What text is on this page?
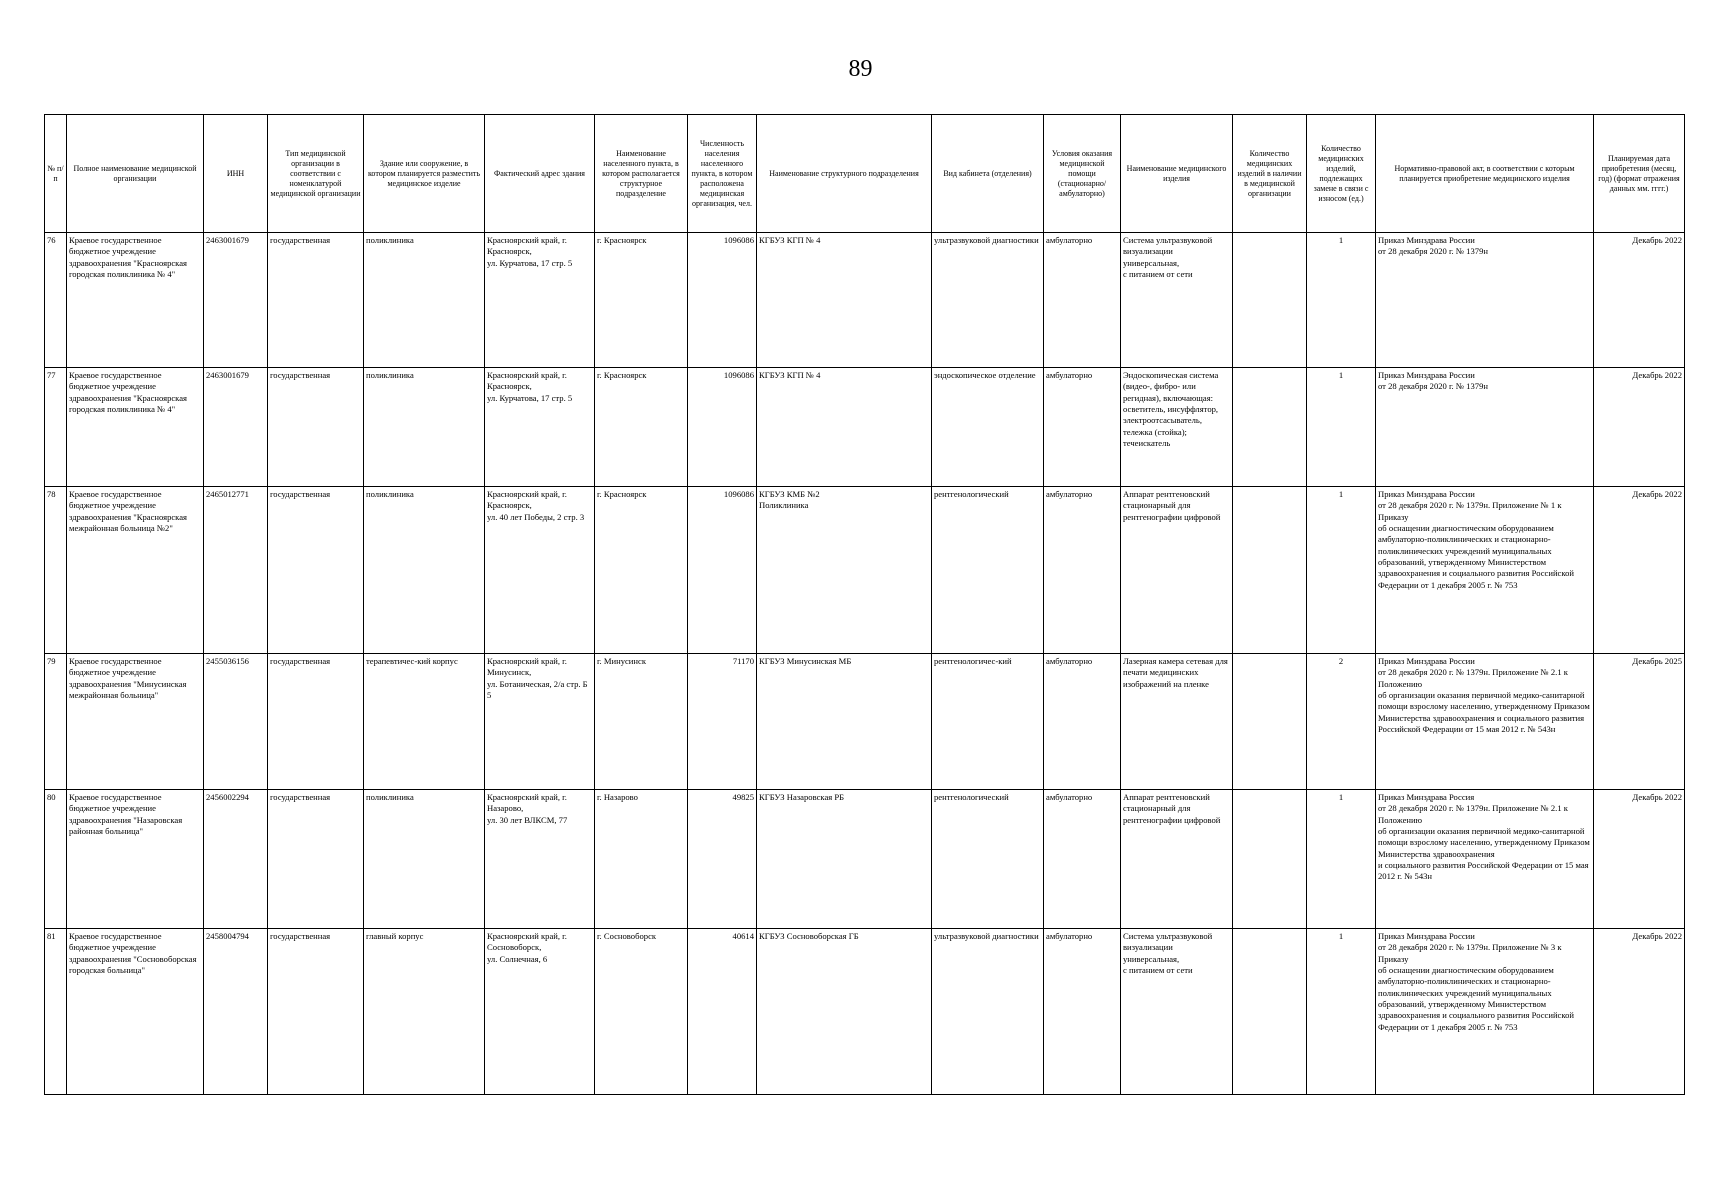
89
№ п/п	Полное наименование медицинской организации	ИНН	Тип медицинской организации в соответствии с номенклатурой медицинской организации	Здание или сооружение, в котором планируется разместить медицинское изделие	Фактический адрес здания	Наименование населенного пункта, в котором располагается структурное подразделение	Численность населения населенного пункта, в котором расположена медицинская организация, чел.	Наименование структурного подразделения	Вид кабинета (отделения)	Условия оказания медицинской помощи (стационарно/ амбулаторно)	Наименование медицинского изделия	Количество медицинских изделий в наличии в медицинской организации	Количество медицинских изделий, подлежащих замене в связи с износом (ед.)	Нормативно-правовой акт, в соответствии с которым планируется приобретение медицинского изделия	Планируемая дата приобретения (месяц, год) (формат отражения данных мм. гггг.)
76	Краевое государственное бюджетное учреждение здравоохранения "Красноярская городская поликлиника № 4"	2463001679	государственная	поликлиника	Красноярский край, г. Красноярск,
ул. Курчатова, 17 стр. 5	г. Красноярск	1096086	КГБУЗ КГП № 4	ультразвуковой диагностики	амбулаторно	Система ультразвуковой визуализации универсальная,
с питанием от сети		1	Приказ Минздрава России
от 28 декабря 2020 г. № 1379н	Декабрь 2022
77	Краевое государственное бюджетное учреждение здравоохранения "Красноярская городская поликлиника № 4"	2463001679	государственная	поликлиника	Красноярский край, г. Красноярск,
ул. Курчатова, 17 стр. 5	г. Красноярск	1096086	КГБУЗ КГП № 4	эндоскопическое отделение	амбулаторно	Эндоскопическая система (видео-, фибро- или регидная), включающая: осветитель, инсуффлятор, электроотсасыватель, тележка (стойка); течеискатель		1	Приказ Минздрава России
от 28 декабря 2020 г. № 1379н	Декабрь 2022
78	Краевое государственное бюджетное учреждение здравоохранения "Красноярская межрайонная больница №2"	2465012771	государственная	поликлиника	Красноярский край, г. Красноярск,
ул. 40 лет Победы, 2 стр. 3	г. Красноярск	1096086	КГБУЗ КМБ №2
Поликлиника	рентгенологический	амбулаторно	Аппарат рентгеновский стационарный для рентгенографии цифровой		1	Приказ Минздрава России
от 28 декабря 2020 г. № 1379н. Приложение № 1 к Приказу
об оснащении диагностическим оборудованием амбулаторно-поликлинических и стационарно-поликлинических учреждений муниципальных образований, утвержденному Министерством здравоохранения и социального развития Российской Федерации от 1 декабря 2005 г. № 753	Декабрь 2022
79	Краевое государственное бюджетное учреждение здравоохранения "Минусинская межрайонная больница"	2455036156	государственная	терапевтичес-кий корпус	Красноярский край, г. Минусинск,
ул. Ботаническая, 2/а стр. Б 5	г. Минусинск	71170	КГБУЗ Минусинская МБ	рентгенологичес-кий	амбулаторно	Лазерная камера сетевая для печати медицинских изображений на пленке		2	Приказ Минздрава России
от 28 декабря 2020 г. № 1379н. Приложение № 2.1 к Положению
об организации оказания первичной медико-санитарной помощи взрослому населению, утвержденному Приказом Министерства здравоохранения и социального развития Российской Федерации от 15 мая 2012 г. № 543н	Декабрь 2025
80	Краевое государственное бюджетное учреждение здравоохранения "Назаровская районная больница"	2456002294	государственная	поликлиника	Красноярский край, г. Назарово,
ул. 30 лет ВЛКСМ, 77	г. Назарово	49825	КГБУЗ Назаровская РБ	рентгенологический	амбулаторно	Аппарат рентгеновский стационарный для рентгенографии цифровой		1	Приказ Минздрава Россия
от 28 декабря 2020 г. № 1379н. Приложение № 2.1 к Положению
об организации оказания первичной медико-санитарной помощи взрослому населению, утвержденному Приказом Министерства здравоохранения
и социального развития Российской Федерации от 15 мая 2012 г. № 543н	Декабрь 2022
81	Краевое государственное бюджетное учреждение здравоохранения "Сосновоборская городская больница"	2458004794	государственная	главный корпус	Красноярский край, г. Сосновоборск,
ул. Солнечная, 6	г. Сосновоборск	40614	КГБУЗ Сосновоборская ГБ	ультразвуковой диагностики	амбулаторно	Система ультразвуковой визуализации универсальная,
с питанием от сети		1	Приказ Минздрава России
от 28 декабря 2020 г. № 1379н. Приложение № 3 к Приказу
об оснащении диагностическим оборудованием амбулаторно-поликлинических и стационарно-поликлинических учреждений муниципальных образований, утвержденному Министерством здравоохранения и социального развития Российской Федерации от 1 декабря 2005 г. № 753	Декабрь 2022
